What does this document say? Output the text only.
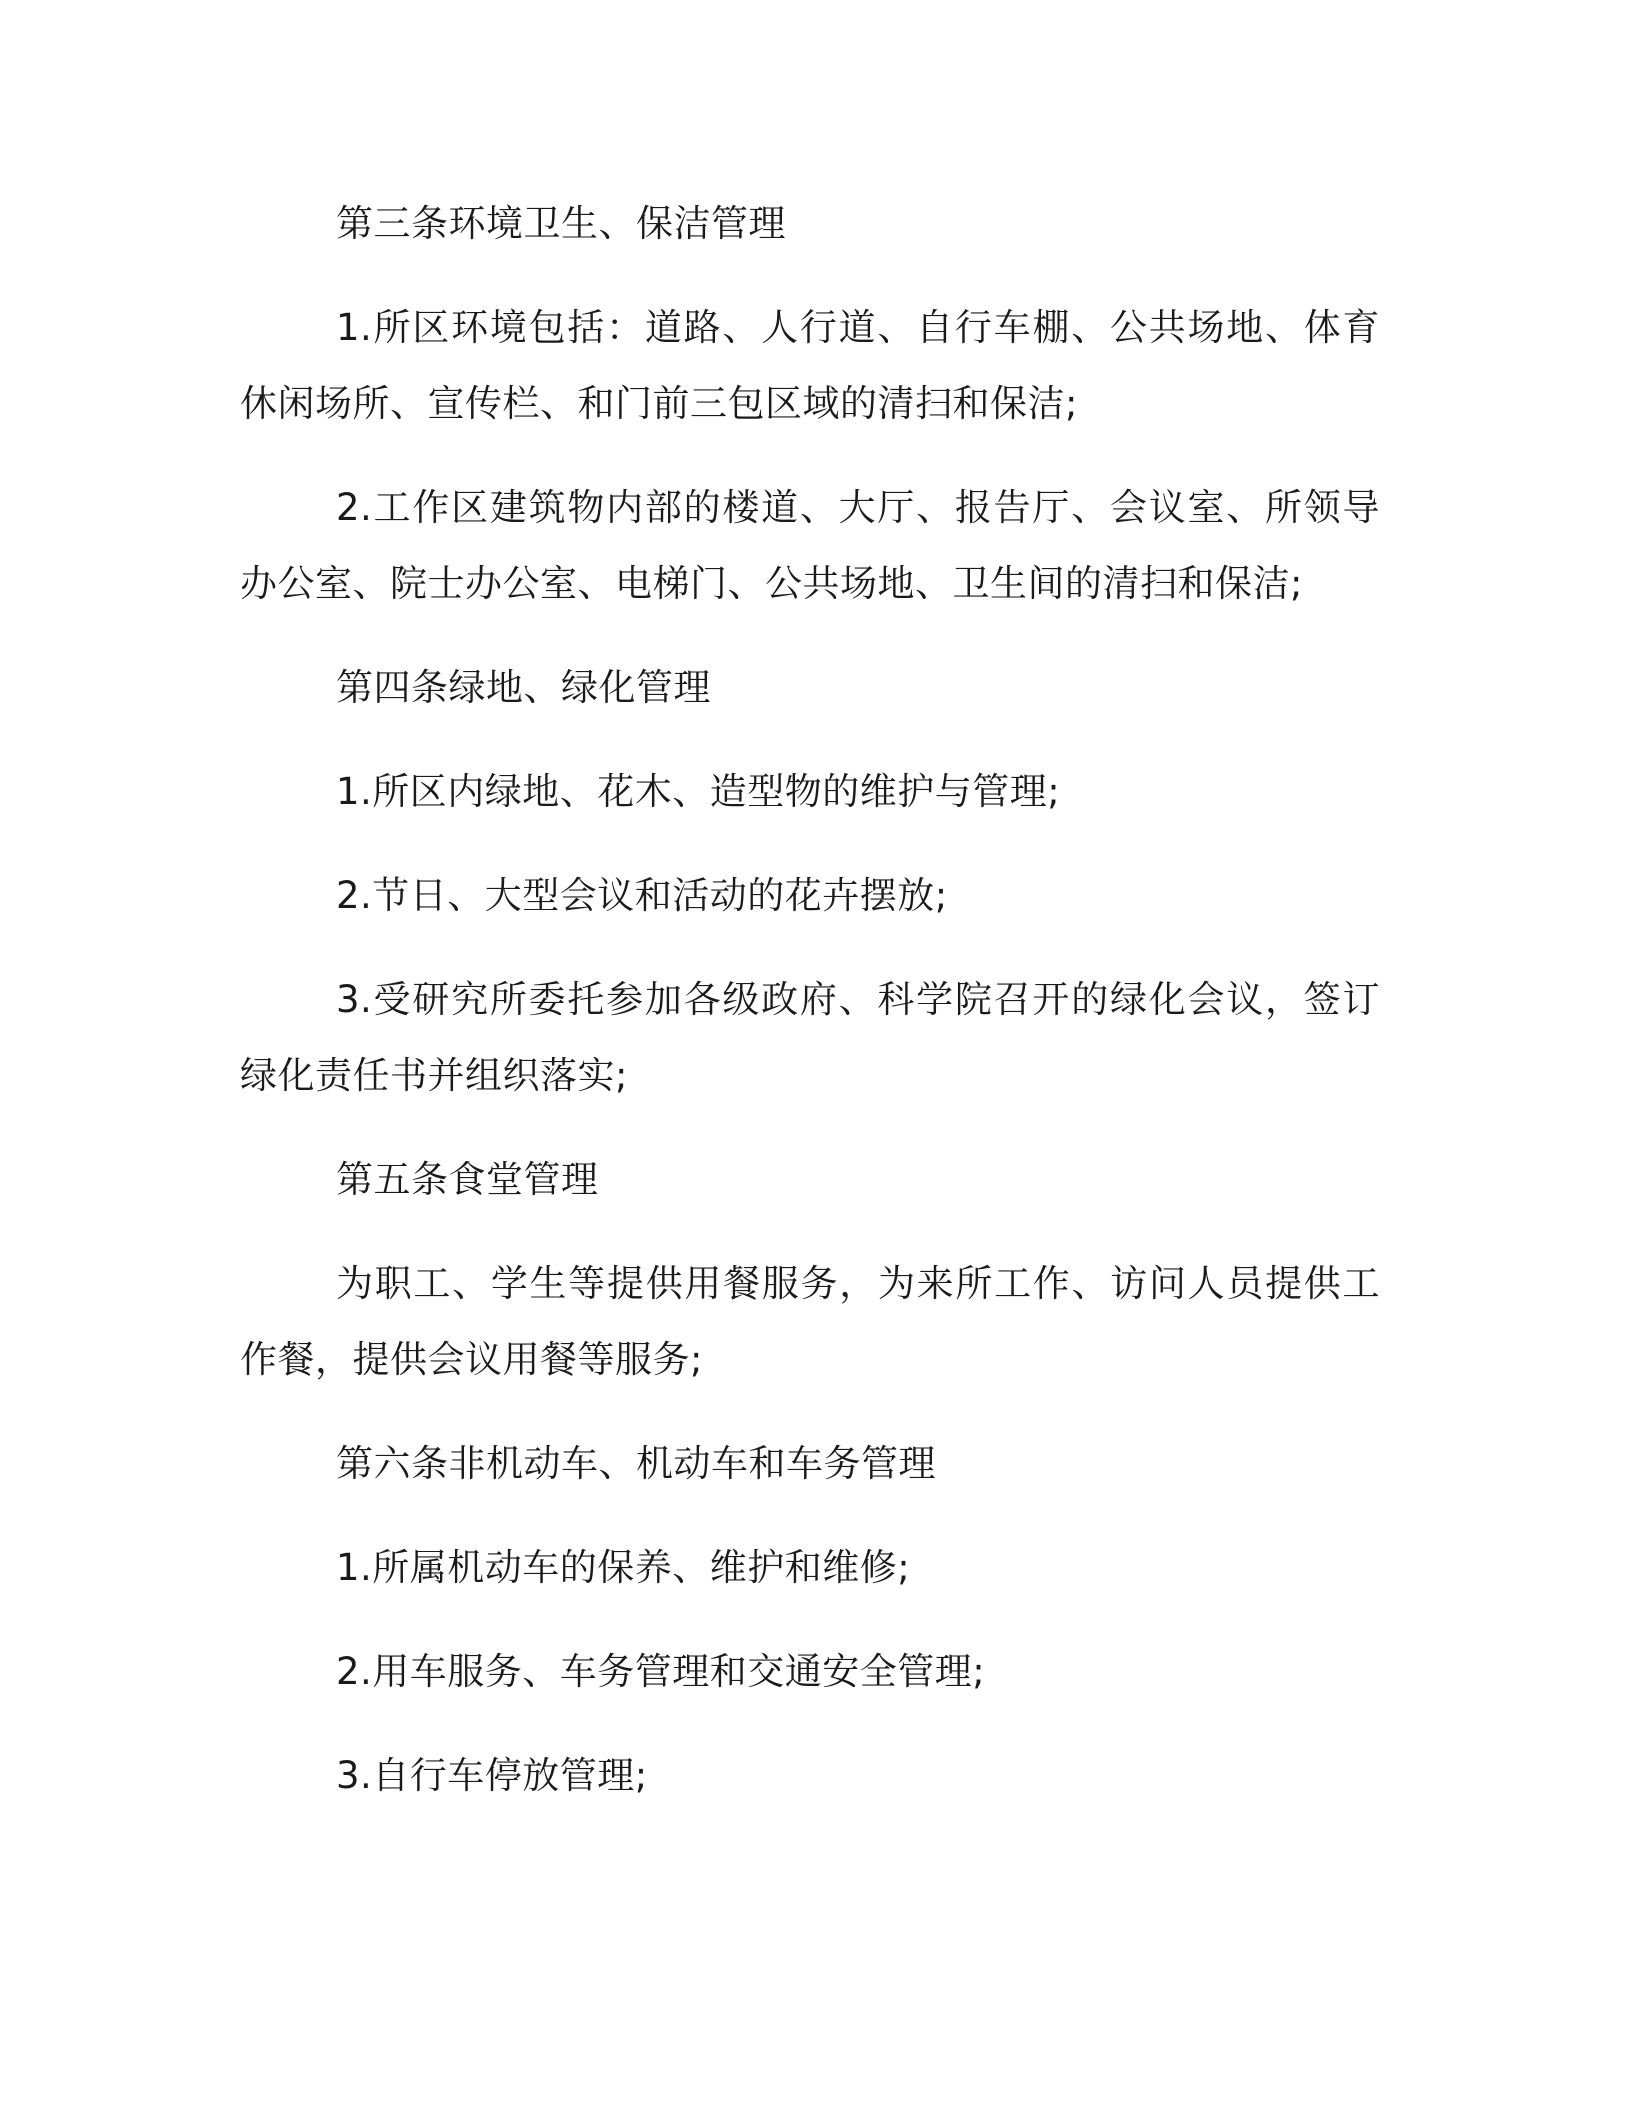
第三条环境卫生、保洁管理

1.所区环境包括：道路、人行道、自行车棚、公共场地、体育休闲场所、宣传栏、和门前三包区域的清扫和保洁;

2.工作区建筑物内部的楼道、大厅、报告厅、会议室、所领导办公室、院士办公室、电梯门、公共场地、卫生间的清扫和保洁;

第四条绿地、绿化管理

1.所区内绿地、花木、造型物的维护与管理;

2.节日、大型会议和活动的花卉摆放;

3.受研究所委托参加各级政府、科学院召开的绿化会议，签订绿化责任书并组织落实;

第五条食堂管理

为职工、学生等提供用餐服务，为来所工作、访问人员提供工作餐，提供会议用餐等服务;

第六条非机动车、机动车和车务管理

1.所属机动车的保养、维护和维修;

2.用车服务、车务管理和交通安全管理;

3.自行车停放管理;
